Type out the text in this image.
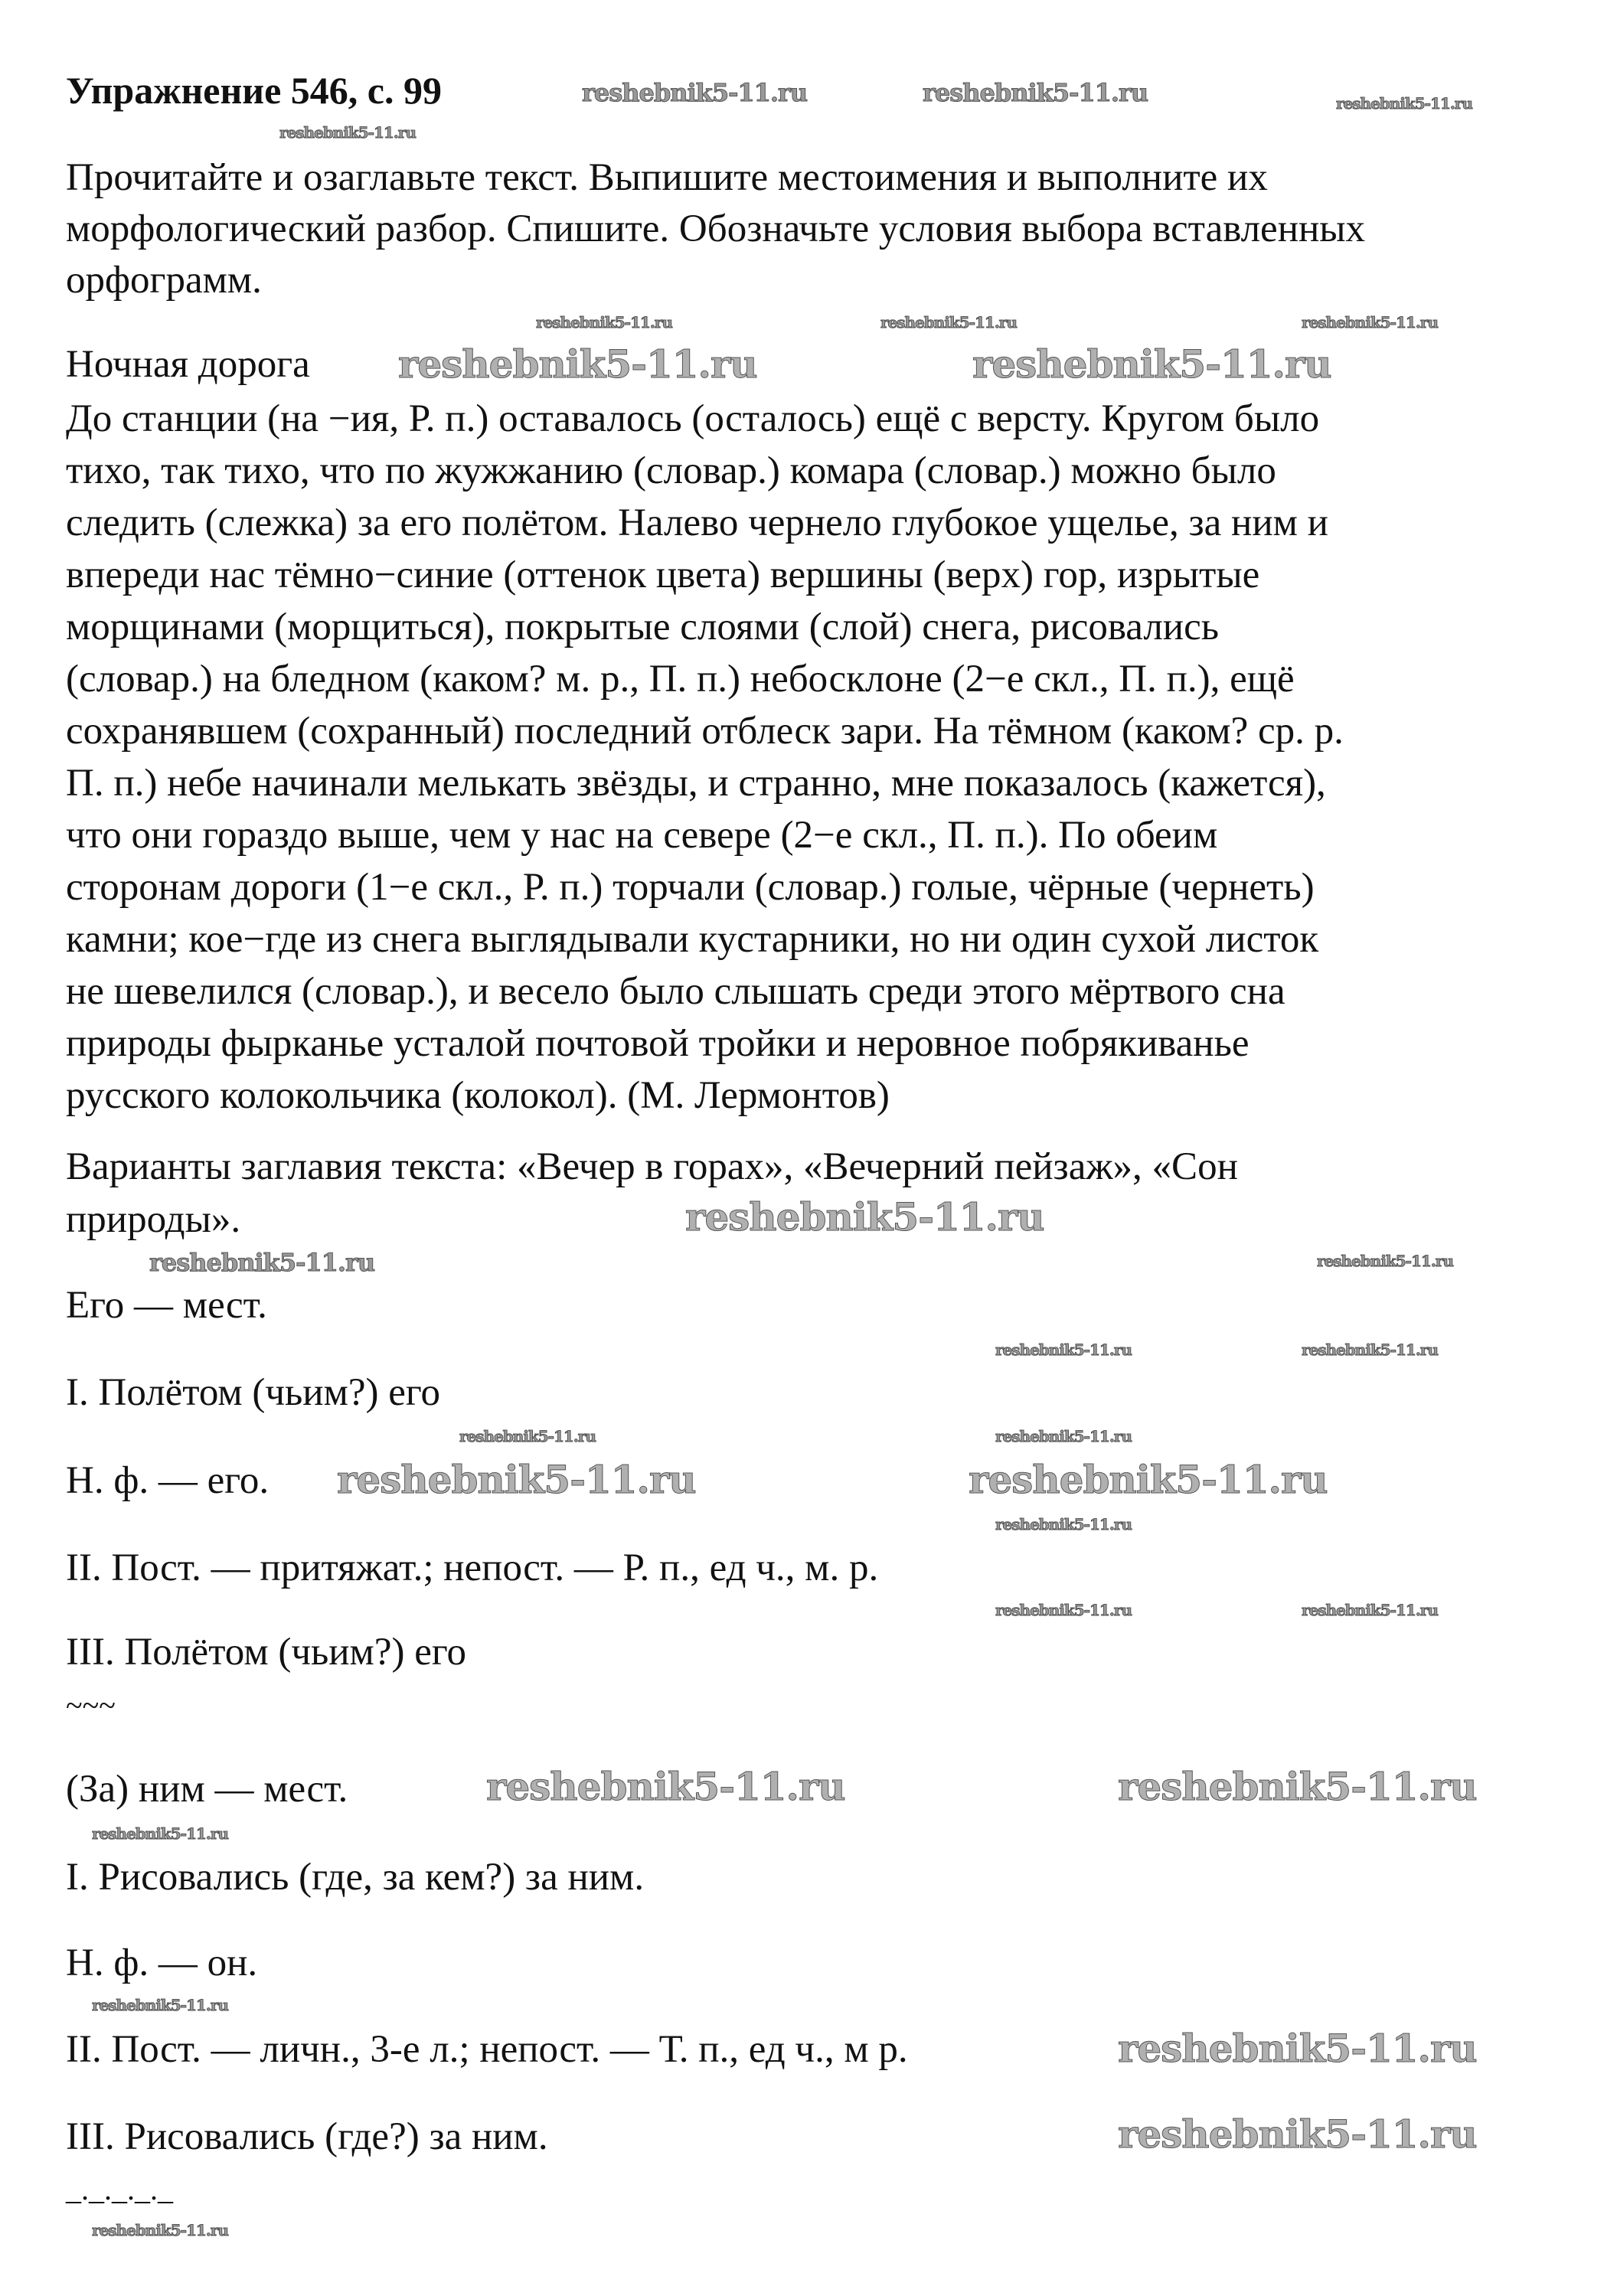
Упражнение 546, с. 99
Прочитайте и озаглавьте текст. Выпишите местоимения и выполните их
морфологический разбор. Спишите. Обозначьте условия выбора вставленных
орфограмм.
Ночная дорога
До станции (на −ия, Р. п.) оставалось (осталось) ещё с версту. Кругом было
тихо, так тихо, что по жужжанию (словар.) комара (словар.) можно было
следить (слежка) за его полётом. Налево чернело глубокое ущелье, за ним и
впереди нас тёмно−синие (оттенок цвета) вершины (верх) гор, изрытые
морщинами (морщиться), покрытые слоями (слой) снега, рисовались
(словар.) на бледном (каком? м. р., П. п.) небосклоне (2−е скл., П. п.), ещё
сохранявшем (сохранный) последний отблеск зари. На тёмном (каком? ср. р.
П. п.) небе начинали мелькать звёзды, и странно, мне показалось (кажется),
что они гораздо выше, чем у нас на севере (2−е скл., П. п.). По обеим
сторонам дороги (1−е скл., Р. п.) торчали (словар.) голые, чёрные (чернеть)
камни; кое−где из снега выглядывали кустарники, но ни один сухой листок
не шевелился (словар.), и весело было слышать среди этого мёртвого сна
природы фырканье усталой почтовой тройки и неровное побрякиванье
русского колокольчика (колокол). (М. Лермонтов)
Варианты заглавия текста: «Вечер в горах», «Вечерний пейзаж», «Сон
природы».
Его — мест.
I. Полётом (чьим?) его
Н. ф. — его.
II. Пост. — притяжат.; непост. — Р. п., ед ч., м. р.
III. Полётом (чьим?) его
~~~
(За) ним — мест.
I. Рисовались (где, за кем?) за ним.
Н. ф. — он.
II. Пост. — личн., 3-е л.; непост. — Т. п., ед ч., м р.
III. Рисовались (где?) за ним.
_._._._._
reshebnik5-11.ru	reshebnik5-11.ru	reshebnik5-11.ru
reshebnik5-11.ru
reshebnik5-11.ru	reshebnik5-11.ru
reshebnik5-11.ru
reshebnik5-11.ru	reshebnik5-11.ru
reshebnik5-11.ru	reshebnik5-11.ru
reshebnik5-11.ru	reshebnik5-11.ru
reshebnik5-11.ru
reshebnik5-11.ru	reshebnik5-11.ru
reshebnik5-11.ru
reshebnik5-11.ru
reshebnik5-11.ru
reshebnik5-11.ru	reshebnik5-11.ru
reshebnik5-11.ru	reshebnik5-11.ru
reshebnik5-11.ru
reshebnik5-11.ru
reshebnik5-11.ru
reshebnik5-11.ru
reshebnik5-11.ru
